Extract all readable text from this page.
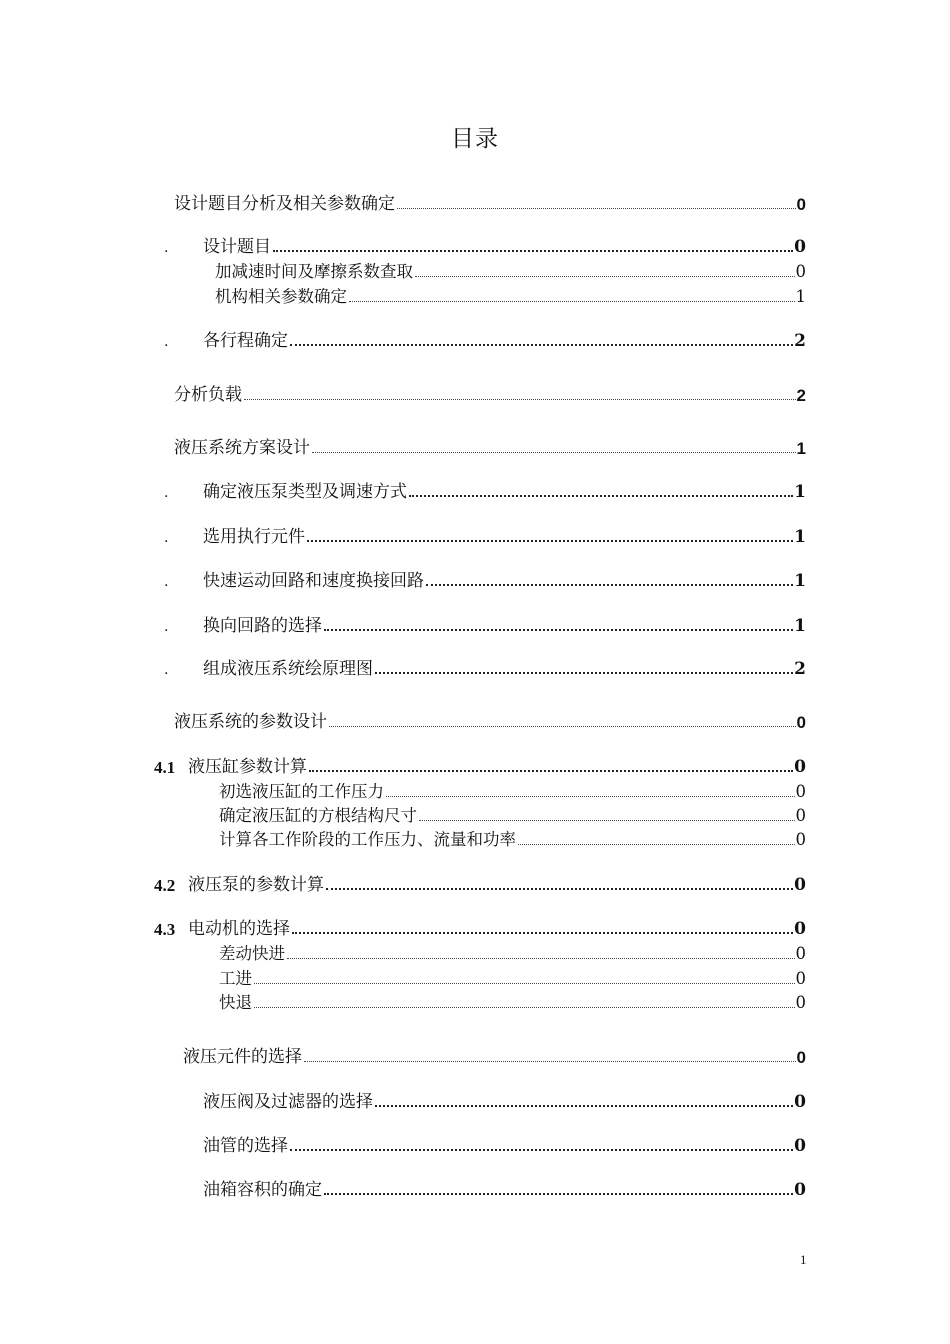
目录
设计题目分析及相关参数确定	0
. 设计题目	0
加减速时间及摩擦系数查取	0
机构相关参数确定	1
. 各行程确定	2
分析负载	2
液压系统方案设计	1
. 确定液压泵类型及调速方式	1
. 选用执行元件	1
. 快速运动回路和速度换接回路	1
. 换向回路的选择	1
. 组成液压系统绘原理图	2
液压系统的参数设计	0
4.1 液压缸参数计算	0
初选液压缸的工作压力	0
确定液压缸的方根结构尺寸	0
计算各工作阶段的工作压力、流量和功率	0
4.2 液压泵的参数计算	0
4.3 电动机的选择	0
差动快进	0
工进	0
快退	0
液压元件的选择	0
液压阀及过滤器的选择	0
油管的选择	0
油箱容积的确定	0
1
